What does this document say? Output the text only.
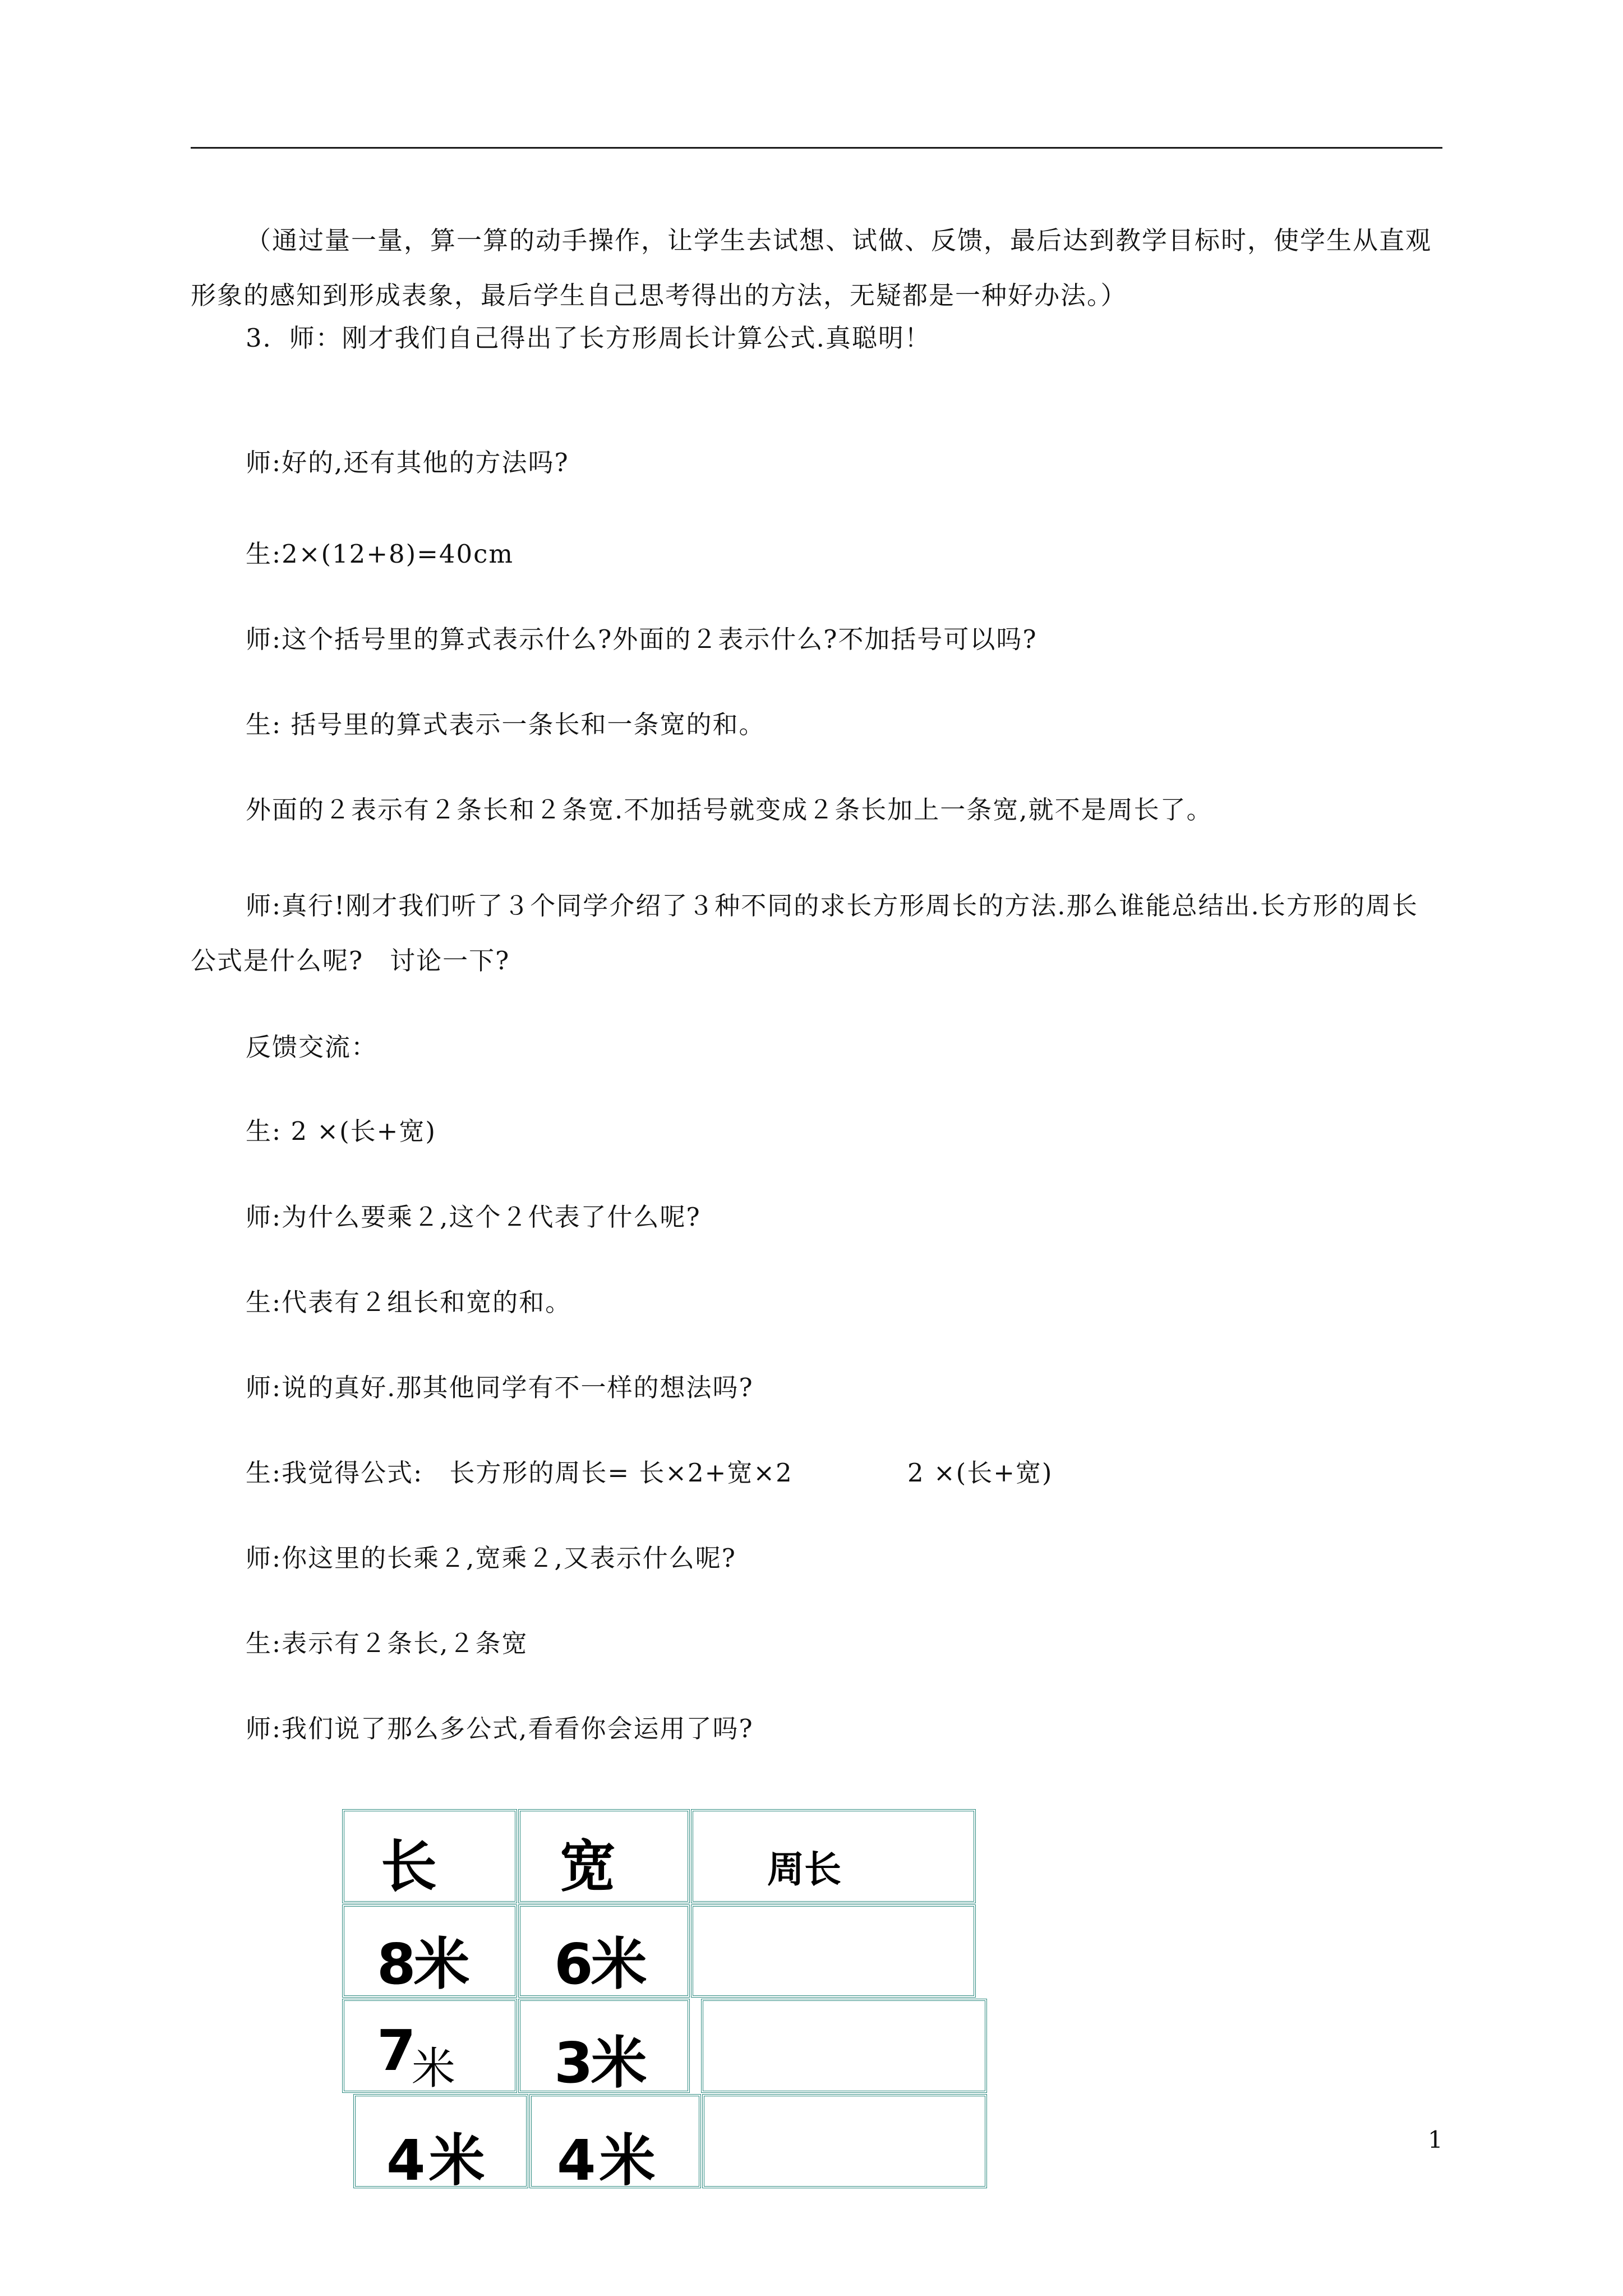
（通过量一量，算一算的动手操作，让学生去试想、试做、反馈，最后达到教学目标时，使学生从直观形象的感知到形成表象，最后学生自己思考得出的方法，无疑都是一种好办法。）
3．师：刚才我们自己得出了长方形周长计算公式.真聪明！
师:好的,还有其他的方法吗?
生:2×(12+8)=40cm
师:这个括号里的算式表示什么?外面的２表示什么?不加括号可以吗?
生: 括号里的算式表示一条长和一条宽的和。
外面的２表示有２条长和２条宽.不加括号就变成２条长加上一条宽,就不是周长了。
师:真行!刚才我们听了３个同学介绍了３种不同的求长方形周长的方法.那么谁能总结出.长方形的周长公式是什么呢?　讨论一下?
反馈交流：
生: 2 ×(长+宽)
师:为什么要乘２,这个２代表了什么呢?
生:代表有２组长和宽的和。
师:说的真好.那其他同学有不一样的想法吗?
生:我觉得公式:　长方形的周长= 长×2+宽×2　　　　 2 ×(长+宽)
师:你这里的长乘２,宽乘２,又表示什么呢?
生:表示有２条长,２条宽
师:我们说了那么多公式,看看你会运用了吗?
长 宽	周长
8米 6米
7
米 3米
4米 4米	1
